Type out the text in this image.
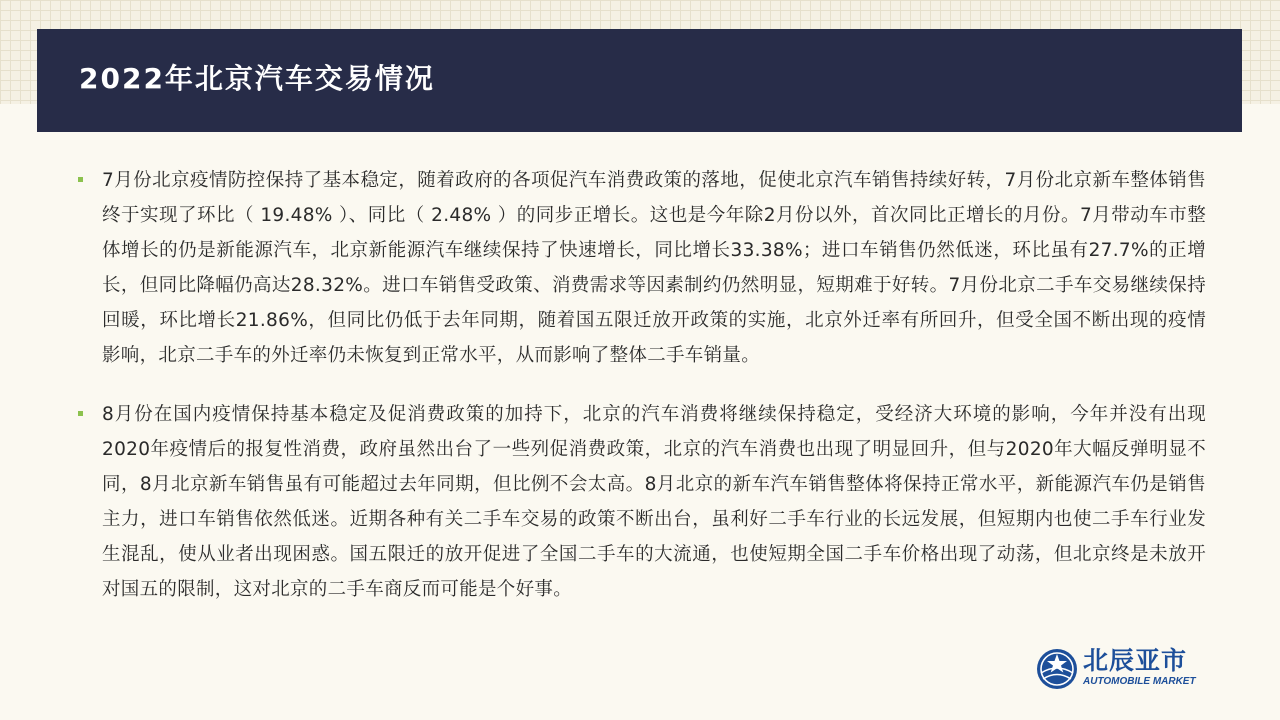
2022年北京汽车交易情况
7月份北京疫情防控保持了基本稳定，随着政府的各项促汽车消费政策的落地，促使北京汽车销售持续好转，7月份北京新车整体销售终于实现了环比（ 19.48% ）、同比（ 2.48% ）的同步正增长。这也是今年除2月份以外，首次同比正增长的月份。7月带动车市整体增长的仍是新能源汽车，北京新能源汽车继续保持了快速增长，同比增长33.38%；进口车销售仍然低迷，环比虽有27.7%的正增长，但同比降幅仍高达28.32%。进口车销售受政策、消费需求等因素制约仍然明显，短期难于好转。7月份北京二手车交易继续保持回暖，环比增长21.86%，但同比仍低于去年同期，随着国五限迁放开政策的实施，北京外迁率有所回升，但受全国不断出现的疫情影响，北京二手车的外迁率仍未恢复到正常水平，从而影响了整体二手车销量。
8月份在国内疫情保持基本稳定及促消费政策的加持下，北京的汽车消费将继续保持稳定，受经济大环境的影响，今年并没有出现2020年疫情后的报复性消费，政府虽然出台了一些列促消费政策，北京的汽车消费也出现了明显回升，但与2020年大幅反弹明显不同，8月北京新车销售虽有可能超过去年同期，但比例不会太高。8月北京的新车汽车销售整体将保持正常水平，新能源汽车仍是销售主力，进口车销售依然低迷。近期各种有关二手车交易的政策不断出台，虽利好二手车行业的长远发展，但短期内也使二手车行业发生混乱，使从业者出现困惑。国五限迁的放开促进了全国二手车的大流通，也使短期全国二手车价格出现了动荡，但北京终是未放开对国五的限制，这对北京的二手车商反而可能是个好事。
北辰亚市
AUTOMOBILE MARKET
